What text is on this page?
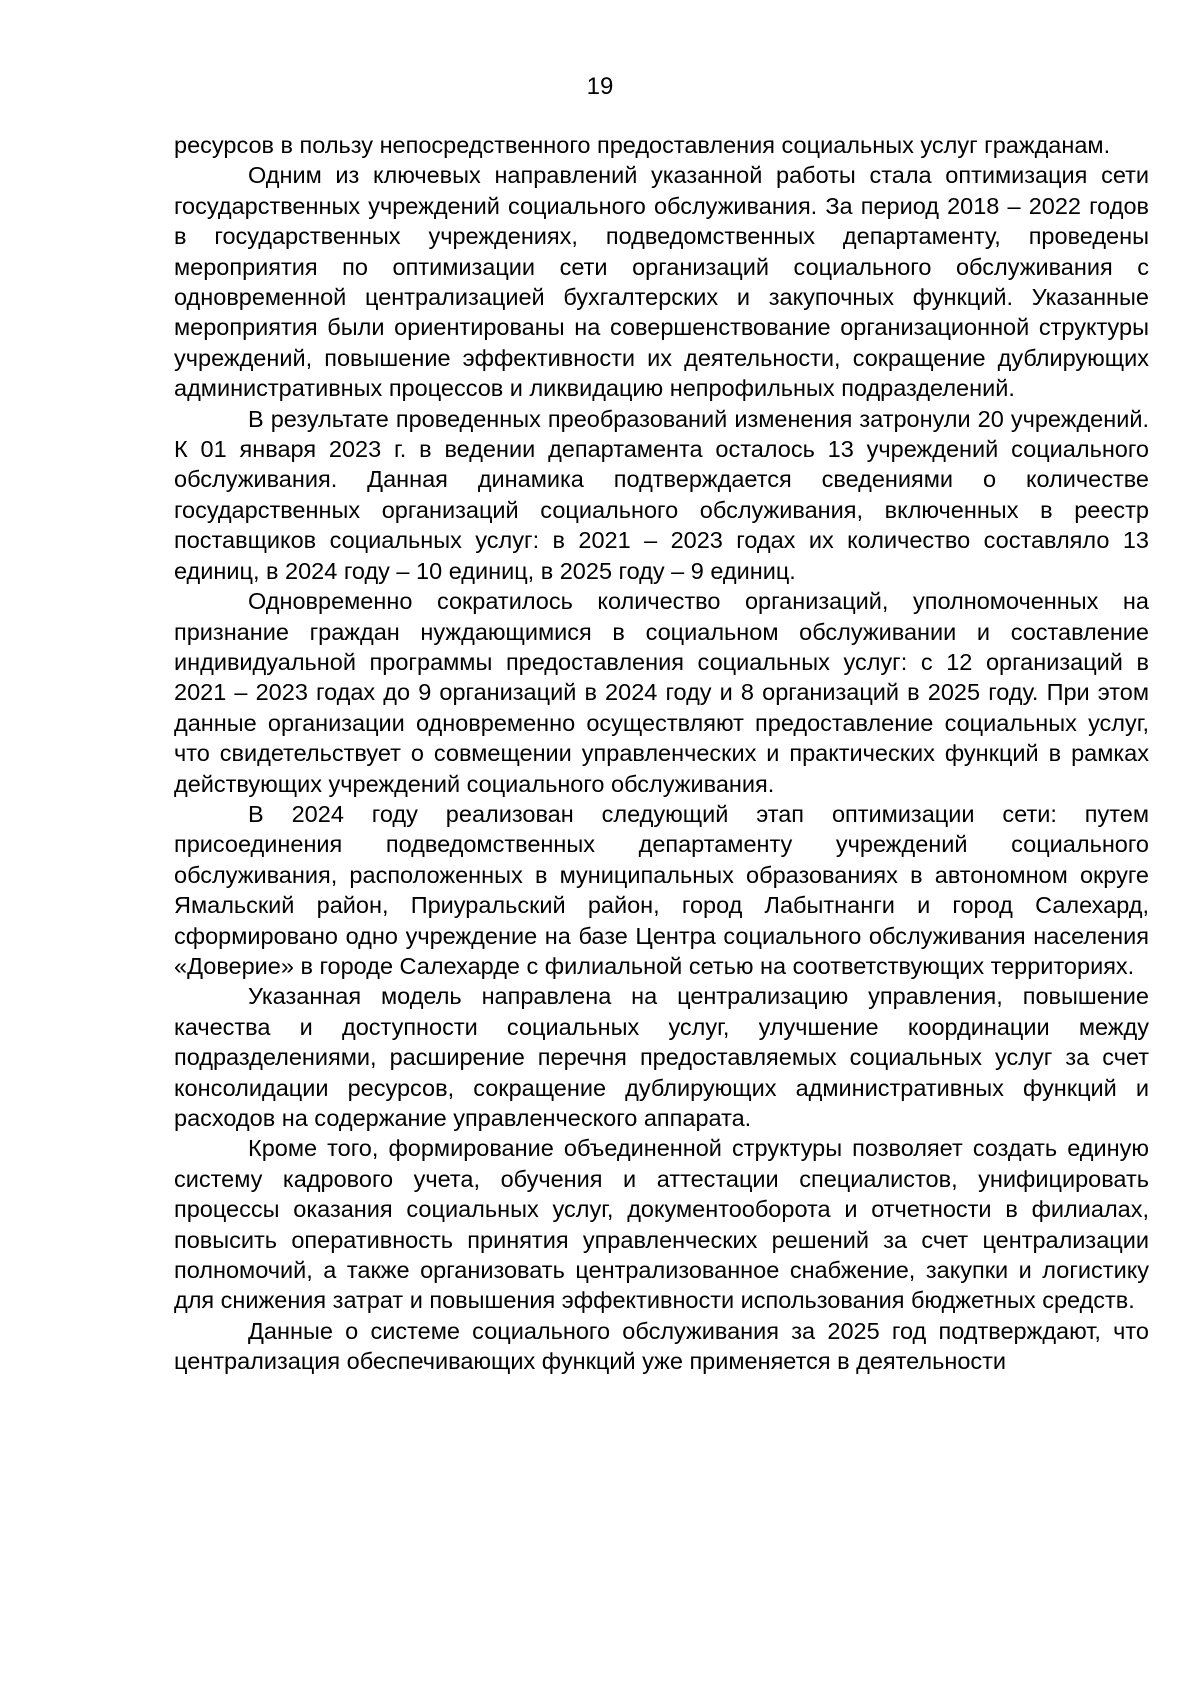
19

ресурсов в пользу непосредственного предоставления социальных услуг гражданам.

Одним из ключевых направлений указанной работы стала оптимизация сети государственных учреждений социального обслуживания. За период 2018 – 2022 годов в государственных учреждениях, подведомственных департаменту, проведены мероприятия по оптимизации сети организаций социального обслуживания с одновременной централизацией бухгалтерских и закупочных функций. Указанные мероприятия были ориентированы на совершенствование организационной структуры учреждений, повышение эффективности их деятельности, сокращение дублирующих административных процессов и ликвидацию непрофильных подразделений.

В результате проведенных преобразований изменения затронули 20 учреждений. К 01 января 2023 г. в ведении департамента осталось 13 учреждений социального обслуживания. Данная динамика подтверждается сведениями о количестве государственных организаций социального обслуживания, включенных в реестр поставщиков социальных услуг: в 2021 – 2023 годах их количество составляло 13 единиц, в 2024 году – 10 единиц, в 2025 году – 9 единиц.

Одновременно сократилось количество организаций, уполномоченных на признание граждан нуждающимися в социальном обслуживании и составление индивидуальной программы предоставления социальных услуг: с 12 организаций в 2021 – 2023 годах до 9 организаций в 2024 году и 8 организаций в 2025 году. При этом данные организации одновременно осуществляют предоставление социальных услуг, что свидетельствует о совмещении управленческих и практических функций в рамках действующих учреждений социального обслуживания.

В 2024 году реализован следующий этап оптимизации сети: путем присоединения подведомственных департаменту учреждений социального обслуживания, расположенных в муниципальных образованиях в автономном округе Ямальский район, Приуральский район, город Лабытнанги и город Салехард, сформировано одно учреждение на базе Центра социального обслуживания населения «Доверие» в городе Салехарде с филиальной сетью на соответствующих территориях.

Указанная модель направлена на централизацию управления, повышение качества и доступности социальных услуг, улучшение координации между подразделениями, расширение перечня предоставляемых социальных услуг за счет консолидации ресурсов, сокращение дублирующих административных функций и расходов на содержание управленческого аппарата.

Кроме того, формирование объединенной структуры позволяет создать единую систему кадрового учета, обучения и аттестации специалистов, унифицировать процессы оказания социальных услуг, документооборота и отчетности в филиалах, повысить оперативность принятия управленческих решений за счет централизации полномочий, а также организовать централизованное снабжение, закупки и логистику для снижения затрат и повышения эффективности использования бюджетных средств.

Данные о системе социального обслуживания за 2025 год подтверждают, что централизация обеспечивающих функций уже применяется в деятельности
